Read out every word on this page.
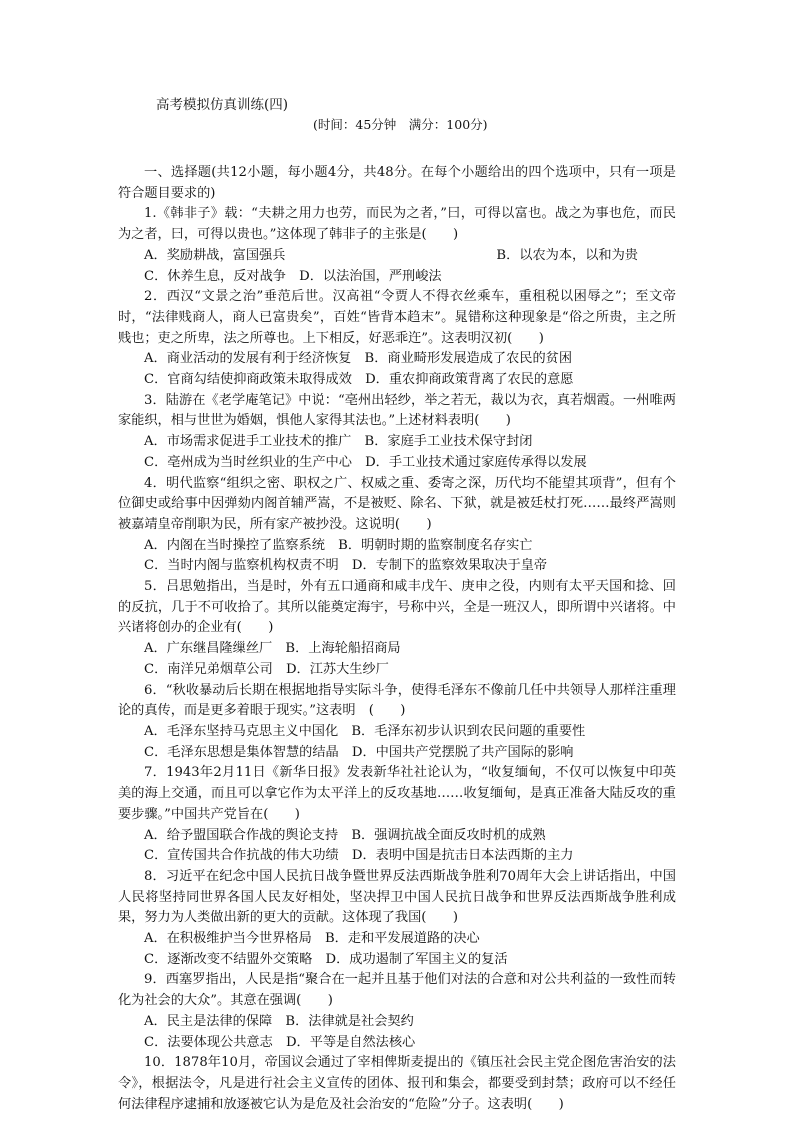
高考模拟仿真训练(四)
(时间：45分钟　满分：100分)

一、选择题(共12小题，每小题4分，共48分。在每个小题给出的四个选项中，只有一项是符合题目要求的)

1.《韩非子》载：“夫耕之用力也劳，而民为之者，”曰，可得以富也。战之为事也危，而民为之者，曰，可得以贵也。”这体现了韩非子的主张是(　　)

A．奖励耕战，富国强兵　　　　　　　　　　　　　　　　B．以农为本，以和为贵

C．休养生息，反对战争　D．以法治国，严刑峻法

2．西汉“文景之治”垂范后世。汉高祖“令贾人不得衣丝乘车，重租税以困辱之”；至文帝时，“法律贱商人，商人已富贵矣”，百姓“皆背本趋末”。晁错称这种现象是“俗之所贵，主之所贱也；吏之所卑，法之所尊也。上下相反，好恶乖迕”。这表明汉初(　　)

A．商业活动的发展有利于经济恢复　B．商业畸形发展造成了农民的贫困

C．官商勾结使抑商政策未取得成效　D．重农抑商政策背离了农民的意愿

3．陆游在《老学庵笔记》中说：“亳州出轻纱，举之若无，裁以为衣，真若烟霞。一州唯两家能织，相与世世为婚姻，惧他人家得其法也。”上述材料表明(　　)

A．市场需求促进手工业技术的推广　B．家庭手工业技术保守封闭

C．亳州成为当时丝织业的生产中心　D．手工业技术通过家庭传承得以发展

4．明代监察“组织之密、职权之广、权威之重、委寄之深，历代均不能望其项背”，但有个位御史或给事中因弹劾内阁首辅严嵩，不是被贬、除名、下狱，就是被廷杖打死……最终严嵩则被嘉靖皇帝削职为民，所有家产被抄没。这说明(　　)

A．内阁在当时操控了监察系统　B．明朝时期的监察制度名存实亡

C．当时内阁与监察机构权责不明　D．专制下的监察效果取决于皇帝

5．吕思勉指出，当是时，外有五口通商和咸丰戊午、庚申之役，内则有太平天国和捻、回的反抗，几于不可收拾了。其所以能奠定海宇，号称中兴，全是一班汉人，即所谓中兴诸将。中兴诸将创办的企业有(　　)

A．广东继昌隆缫丝厂　B．上海轮船招商局

C．南洋兄弟烟草公司　D．江苏大生纱厂

6．“秋收暴动后长期在根据地指导实际斗争，使得毛泽东不像前几任中共领导人那样注重理论的真传，而是更多着眼于现实。”这表明　(　　)

A．毛泽东坚持马克思主义中国化　B．毛泽东初步认识到农民问题的重要性

C．毛泽东思想是集体智慧的结晶　D．中国共产党摆脱了共产国际的影响

7．1943年2月11日《新华日报》发表新华社社论认为，“收复缅甸，不仅可以恢复中印英美的海上交通，而且可以拿它作为太平洋上的反攻基地……收复缅甸，是真正准备大陆反攻的重要步骤。”中国共产党旨在(　　)

A．给予盟国联合作战的舆论支持　B．强调抗战全面反攻时机的成熟

C．宣传国共合作抗战的伟大功绩　D．表明中国是抗击日本法西斯的主力

8．习近平在纪念中国人民抗日战争暨世界反法西斯战争胜利70周年大会上讲话指出，中国人民将坚持同世界各国人民友好相处，坚决捍卫中国人民抗日战争和世界反法西斯战争胜利成果，努力为人类做出新的更大的贡献。这体现了我国(　　)

A．在积极维护当今世界格局　B．走和平发展道路的决心

C．逐渐改变不结盟外交策略　D．成功遏制了军国主义的复活

9．西塞罗指出，人民是指“聚合在一起并且基于他们对法的合意和对公共利益的一致性而转化为社会的大众”。其意在强调(　　)

A．民主是法律的保障　B．法律就是社会契约

C．法要体现公共意志　D．平等是自然法核心

10．1878年10月，帝国议会通过了宰相俾斯麦提出的《镇压社会民主党企图危害治安的法令》，根据法令，凡是进行社会主义宣传的团体、报刊和集会，都要受到封禁；政府可以不经任何法律程序逮捕和放逐被它认为是危及社会治安的“危险”分子。这表明(　　)
